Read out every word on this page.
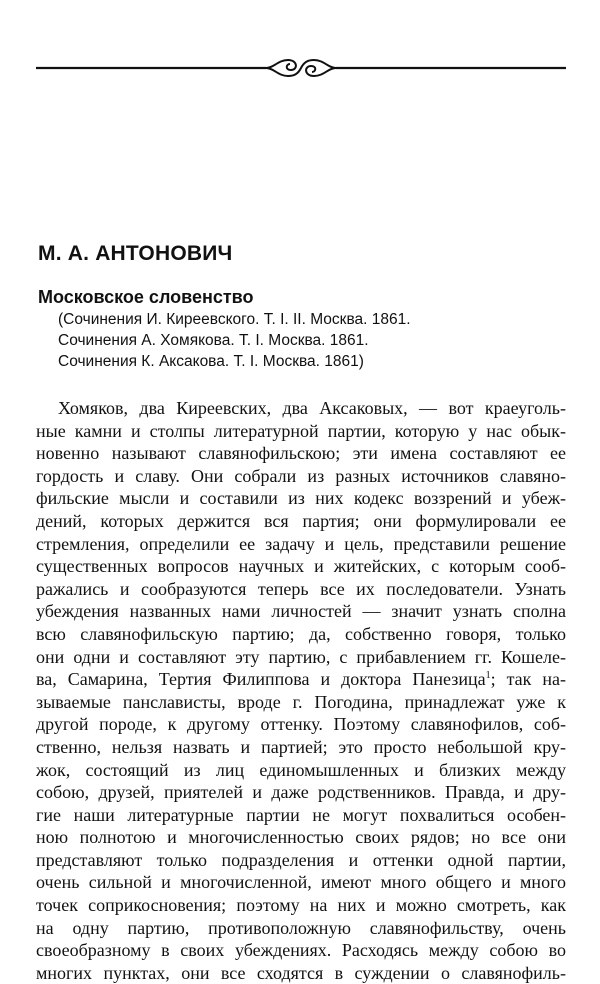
М. А. АНТОНОВИЧ
Московское словенство
(Сочинения И. Киреевского. Т. I. II. Москва. 1861.
Сочинения А. Хомякова. Т. I. Москва. 1861.
Сочинения К. Аксакова. Т. I. Москва. 1861)
Хомяков, два Киреевских, два Аксаковых, — вот краеуголь-
ные камни и столпы литературной партии, которую у нас обык-
новенно называют славянофильскою; эти имена составляют ее
гордость и славу. Они собрали из разных источников славяно-
фильские мысли и составили из них кодекс воззрений и убеж-
дений, которых держится вся партия; они формулировали ее
стремления, определили ее задачу и цель, представили решение
существенных вопросов научных и житейских, с которым сооб-
ражались и сообразуются теперь все их последователи. Узнать
убеждения названных нами личностей — значит узнать сполна
всю славянофильскую партию; да, собственно говоря, только
они одни и составляют эту партию, с прибавлением гг. Кошеле-
ва, Самарина, Тертия Филиппова и доктора Панезица$^1$; так на-
зываемые панслависты, вроде г. Погодина, принадлежат уже к
другой породе, к другому оттенку. Поэтому славянофилов, соб-
ственно, нельзя назвать и партией; это просто небольшой кру-
жок, состоящий из лиц единомышленных и близких между
собою, друзей, приятелей и даже родственников. Правда, и дру-
гие наши литературные партии не могут похвалиться особен-
ною полнотою и многочисленностью своих рядов; но все они
представляют только подразделения и оттенки одной партии,
очень сильной и многочисленной, имеют много общего и много
точек соприкосновения; поэтому на них и можно смотреть, как
на одну партию, противоположную славянофильству, очень
своеобразному в своих убеждениях. Расходясь между собою во
многих пунктах, они все сходятся в суждении о славянофиль-
